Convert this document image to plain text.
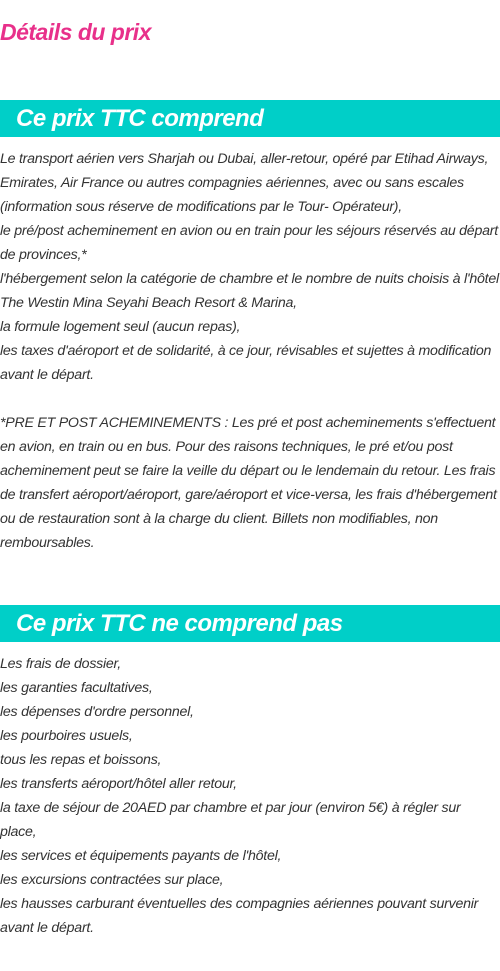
Détails du prix
Ce prix TTC comprend

Le transport aérien vers Sharjah ou Dubai, aller-retour, opéré par Etihad Airways, Emirates, Air France ou autres compagnies aériennes, avec ou sans escales (information sous réserve de modifications par le Tour- Opérateur),

le pré/post acheminement en avion ou en train pour les séjours réservés au départ de provinces,*

l'hébergement selon la catégorie de chambre et le nombre de nuits choisis à l'hôtel The Westin Mina Seyahi Beach Resort & Marina,

la formule logement seul (aucun repas),

les taxes d'aéroport et de solidarité, à ce jour, révisables et sujettes à modification avant le départ.

*PRE ET POST ACHEMINEMENTS : Les pré et post acheminements s'effectuent en avion, en train ou en bus. Pour des raisons techniques, le pré et/ou post acheminement peut se faire la veille du départ ou le lendemain du retour. Les frais de transfert aéroport/aéroport, gare/aéroport et vice-versa, les frais d'hébergement ou de restauration sont à la charge du client. Billets non modifiables, non remboursables.

Ce prix TTC ne comprend pas

Les frais de dossier,

les garanties facultatives,

les dépenses d'ordre personnel,

les pourboires usuels,

tous les repas et boissons,

les transferts aéroport/hôtel aller retour,

la taxe de séjour de 20AED par chambre et par jour (environ 5€) à régler sur place,

les services et équipements payants de l'hôtel,

les excursions contractées sur place,

les hausses carburant éventuelles des compagnies aériennes pouvant survenir avant le départ.
